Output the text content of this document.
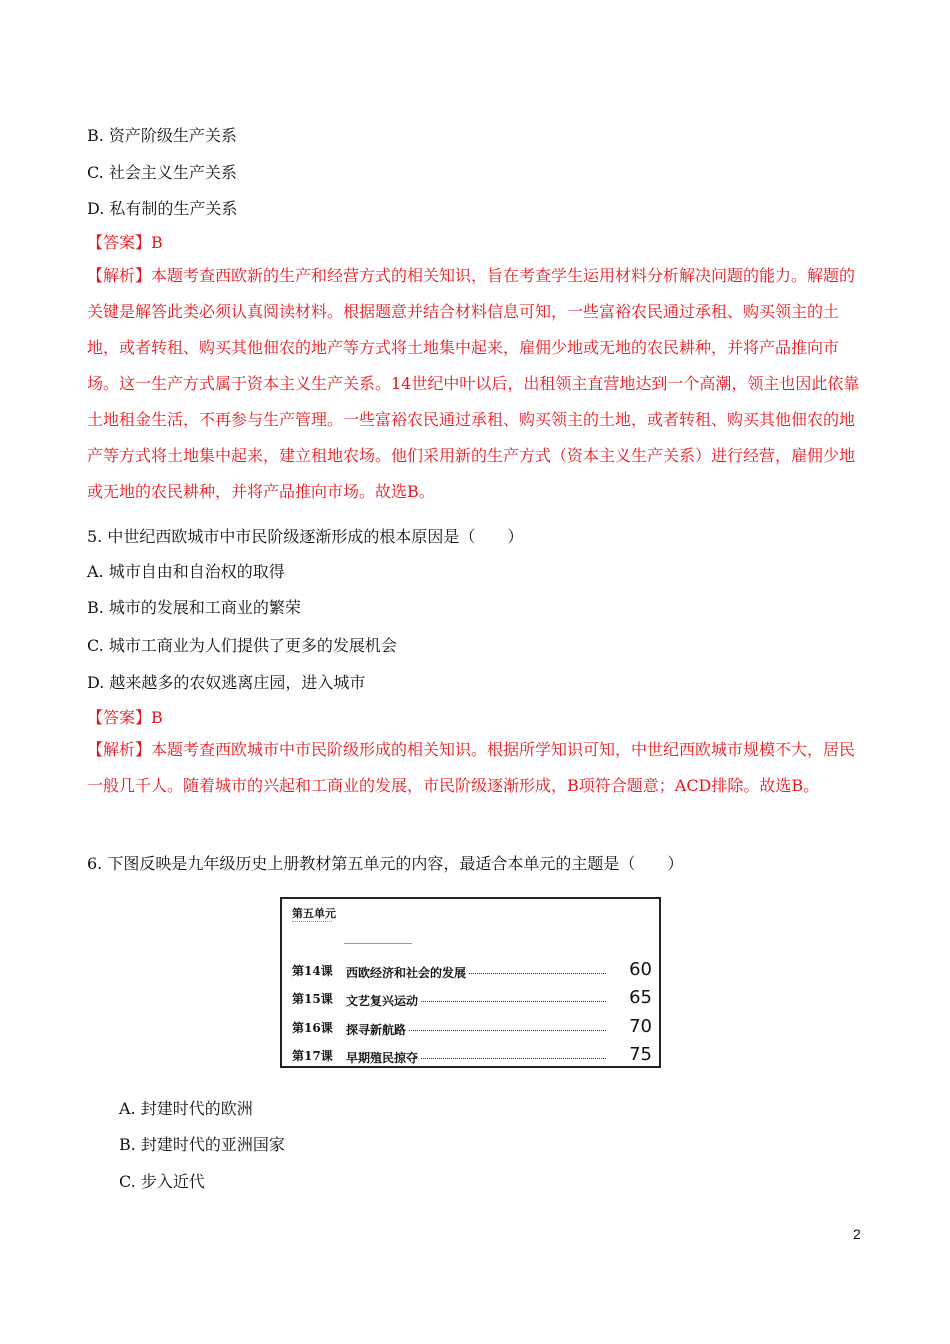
B. 资产阶级生产关系
C. 社会主义生产关系
D. 私有制的生产关系
【答案】B

【解析】本题考查西欧新的生产和经营方式的相关知识，旨在考查学生运用材料分析解决问题的能力。解题的关键是解答此类必须认真阅读材料。根据题意并结合材料信息可知，一些富裕农民通过承租、购买领主的土地，或者转租、购买其他佃农的地产等方式将土地集中起来，雇佣少地或无地的农民耕种，并将产品推向市场。这一生产方式属于资本主义生产关系。14世纪中叶以后，出租领主直营地达到一个高潮，领主也因此依靠土地租金生活，不再参与生产管理。一些富裕农民通过承租、购买领主的土地，或者转租、购买其他佃农的地产等方式将土地集中起来，建立租地农场。他们采用新的生产方式（资本主义生产关系）进行经营，雇佣少地或无地的农民耕种，并将产品推向市场。故选B。

5. 中世纪西欧城市中市民阶级逐渐形成的根本原因是（　　）
A. 城市自由和自治权的取得
B. 城市的发展和工商业的繁荣
C. 城市工商业为人们提供了更多的发展机会
D. 越来越多的农奴逃离庄园，进入城市
【答案】B

【解析】本题考查西欧城市中市民阶级形成的相关知识。根据所学知识可知，中世纪西欧城市规模不大，居民一般几千人。随着城市的兴起和工商业的发展，市民阶级逐渐形成，B项符合题意；ACD排除。故选B。

6. 下图反映是九年级历史上册教材第五单元的内容，最适合本单元的主题是（　　）
第五单元
第14课 西欧经济和社会的发展	60
第15课 文艺复兴运动	65
第16课 探寻新航路	70
第17课 早期殖民掠夺	75
A. 封建时代的欧洲
B. 封建时代的亚洲国家
C. 步入近代
2
